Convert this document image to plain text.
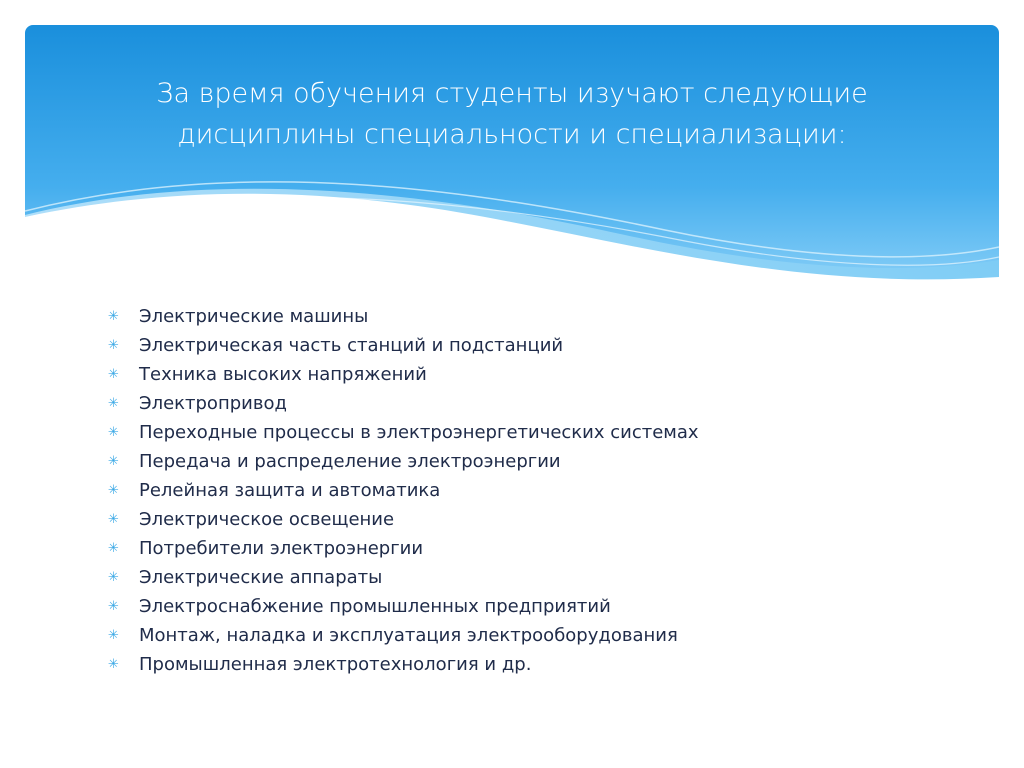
За время обучения студенты изучают следующие
дисциплины специальности и специализации:
✳	Электрические машины
✳	Электрическая часть станций и подстанций
✳	Техника высоких напряжений
✳	Электропривод
✳	Переходные процессы в электроэнергетических системах
✳	Передача и распределение электроэнергии
✳	Релейная защита и автоматика
✳	Электрическое освещение
✳	Потребители электроэнергии
✳	Электрические аппараты
✳	Электроснабжение промышленных предприятий
✳	Монтаж, наладка и эксплуатация электрооборудования
✳	Промышленная электротехнология и др.
